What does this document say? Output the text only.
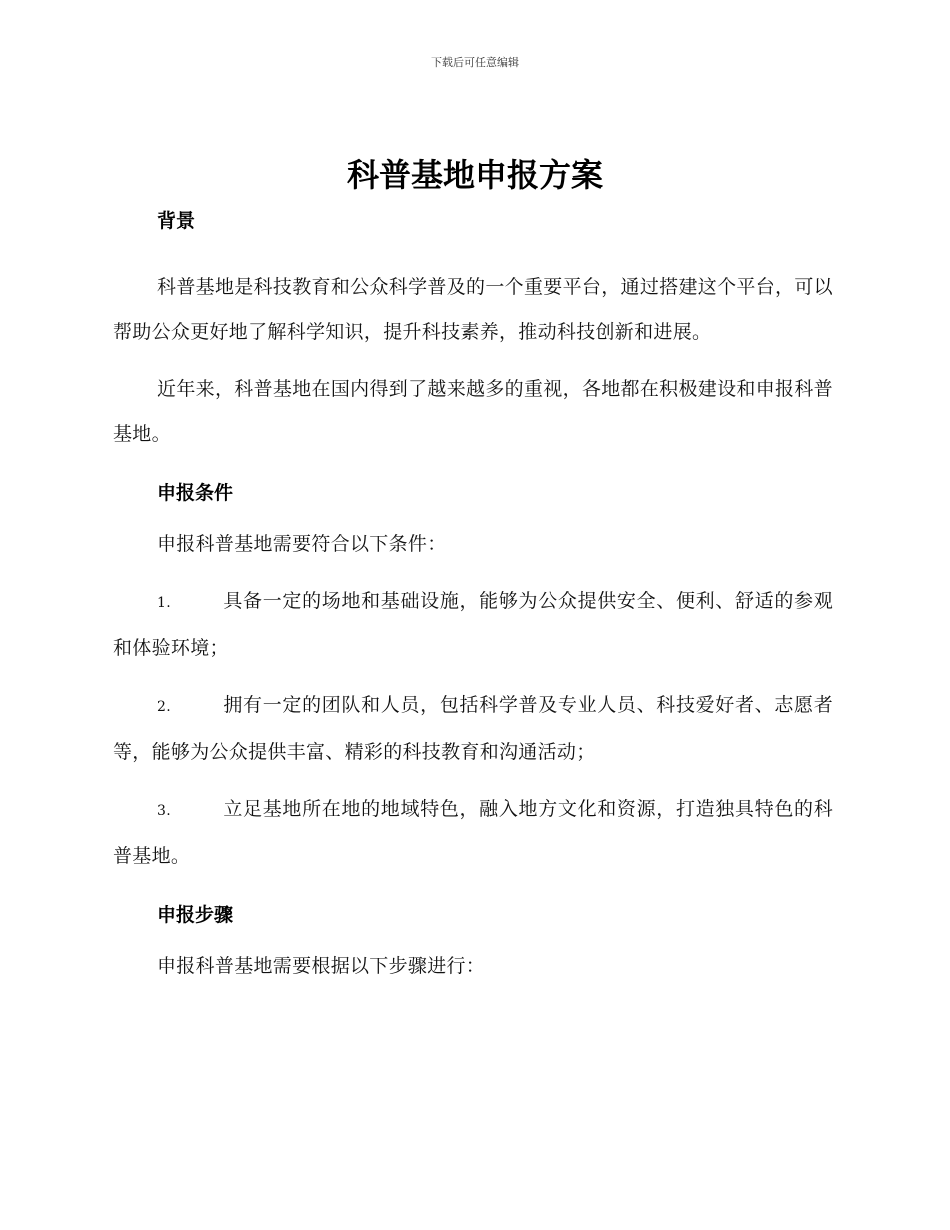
下载后可任意编辑
科普基地申报方案

背景

科普基地是科技教育和公众科学普及的一个重要平台，通过搭建这个平台，可以帮助公众更好地了解科学知识，提升科技素养，推动科技创新和进展。

近年来，科普基地在国内得到了越来越多的重视，各地都在积极建设和申报科普基地。

申报条件

申报科普基地需要符合以下条件：

1.	具备一定的场地和基础设施，能够为公众提供安全、便利、舒适的参观和体验环境；

2.	拥有一定的团队和人员，包括科学普及专业人员、科技爱好者、志愿者等，能够为公众提供丰富、精彩的科技教育和沟通活动；

3.	立足基地所在地的地域特色，融入地方文化和资源，打造独具特色的科普基地。

申报步骤

申报科普基地需要根据以下步骤进行：
